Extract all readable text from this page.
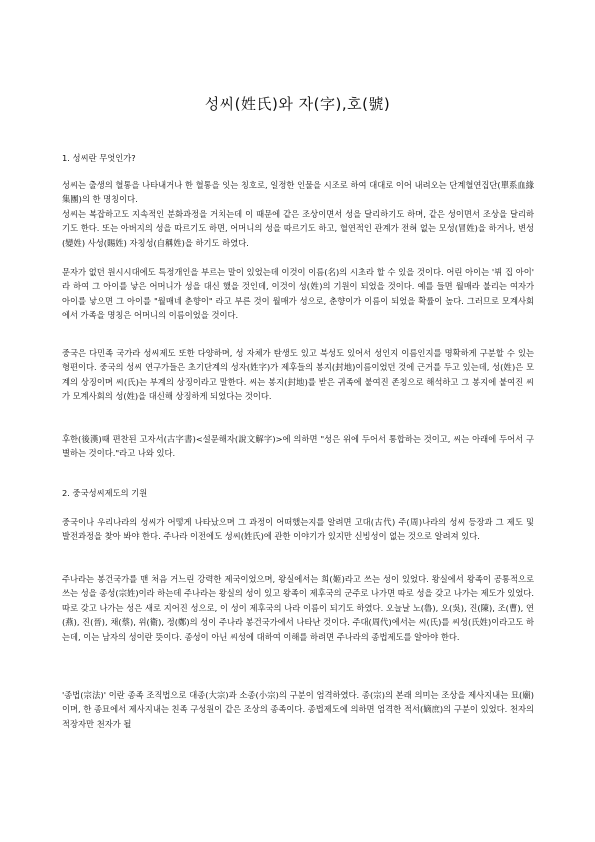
성씨(姓氏)와 자(字),호(號)
1. 성씨란 무엇인가?

성씨는 출생의 혈통을 나타내거나 한 혈통을 잇는 칭호로, 일정한 인물을 시조로 하여 대대로 이어 내려오는 단계혈연집단(單系血緣集團)의 한 명칭이다.

성씨는 복잡하고도 지속적인 분화과정을 거치는데 이 때문에 같은 조상이면서 성을 달리하기도 하며, 같은 성이면서 조상을 달리하기도 한다. 또는 아버지의 성을 따르기도 하면, 어머니의 성을 따르기도 하고, 혈연적인 관계가 전혀 없는 모성(冒姓)을 하거나, 변성(變姓) 사성(賜姓) 자칭성(自稱姓)을 하기도 하였다.

문자가 없던 원시시대에도 특정개인을 부르는 말이 있었는데 이것이 이름(名)의 시초라 할 수 있을 것이다. 어린 아이는 '뷔 집 아이' 라 하여 그 아이를 낳은 어머니가 성을 대신 했을 것인데, 이것이 성(姓)의 기원이 되었을 것이다. 예를 들면 월매라 불리는 여자가 아이를 낳으면 그 아이를 "월매네 춘향이" 라고 부른 것이 월매가 성으로, 춘향이가 이름이 되었을 확률이 높다. 그러므로 모계사회에서 가족을 명칭은 어머니의 이름이었을 것이다.

중국은 다민족 국가라 성씨제도 또한 다양하며, 성 자체가 탄생도 있고 북성도 있어서 성인지 이름인지를 명확하게 구분할 수 있는 형편이다. 중국의 성씨 연구가들은 초기단계의 성자(姓字)가 제후들의 봉지(封地)이름이었던 것에 근거를 두고 있는데, 성(姓)은 모계의 상징이며 씨(氏)는 부계의 상징이라고 말한다. 씨는 봉지(封地)를 받은 귀족에 붙여진 존칭으로 해석하고 그 봉지에 붙여진 씨가 모계사회의 성(姓)을 대신해 상징하게 되었다는 것이다.

후한(後漢)때 편찬된 고자서(古字書)<설문해자(說文解字)>에 의하면 "성은 위에 두어서 통합하는 것이고, 씨는 아래에 두어서 구별하는 것이다."라고 나와 있다.

2. 중국성씨제도의 기원

중국이나 우리나라의 성씨가 어떻게 나타났으며 그 과정이 어떠했는지를 알려면 고대(古代) 주(周)나라의 성씨 등장과 그 제도 및 발전과정을 찾아 봐야 한다. 주나라 이전에도 성씨(姓氏)에 관한 이야기가 있지만 신빙성이 없는 것으로 알려져 있다.

주나라는 봉건국가를 맨 처음 거느린 강력한 제국이었으며, 왕실에서는 희(姬)라고 쓰는 성이 있었다. 왕실에서 왕족이 공통적으로 쓰는 성을 종성(宗姓)이라 하는데 주나라는 왕실의 성이 있고 왕족이 제후국의 군주로 나가면 따로 성을 갖고 나가는 제도가 있었다. 따로 갖고 나가는 성은 새로 지어진 성으로, 이 성이 제후국의 나라 이름이 되기도 하였다. 오늘날 노(魯), 오(吳), 진(陳), 조(曹), 연(燕), 진(晉), 채(蔡), 위(衛), 정(鄭)의 성이 주나라 봉건국가에서 나타난 것이다. 주대(周代)에서는 씨(氏)를 씨성(氏姓)이라고도 하는데, 이는 남자의 성이란 뜻이다. 종성이 아닌 씨성에 대하여 이해를 하려면 주나라의 종법제도를 알아야 한다.

'종법(宗法)' 이란 종족 조직법으로 대종(大宗)과 소종(小宗)의 구분이 엄격하였다. 종(宗)의 본래 의미는 조상을 제사지내는 묘(廟)이며, 한 종묘에서 제사지내는 친족 구성원이 같은 조상의 종족이다. 종법제도에 의하면 엄격한 적서(嫡庶)의 구분이 있었다. 천자의 적장자만 천자가 될
